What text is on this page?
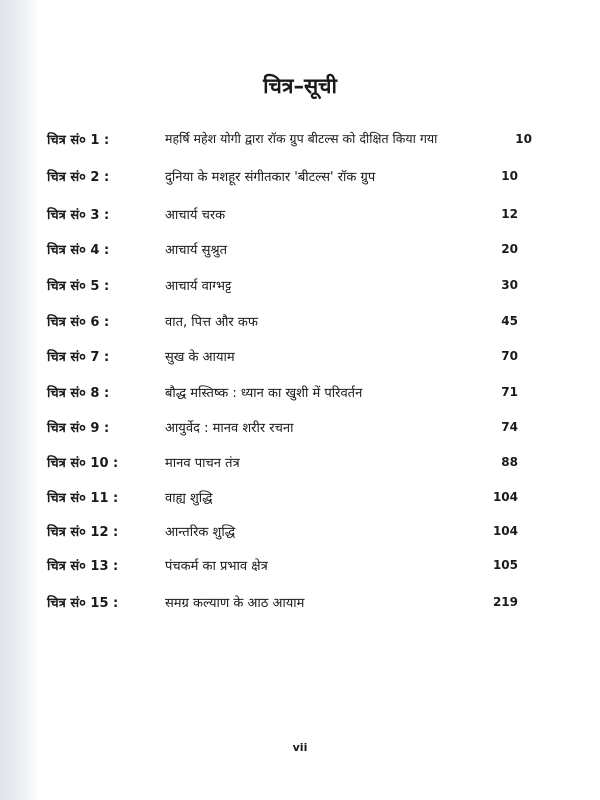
चित्र–सूची
चित्र सं० 1 :	महर्षि महेश योगी द्वारा रॉक ग्रुप बीटल्स को दीक्षित किया गया	10
चित्र सं० 2 :	दुनिया के मशहूर संगीतकार 'बीटल्स' रॉक ग्रुप	10
चित्र सं० 3 :	आचार्य चरक	12
चित्र सं० 4 :	आचार्य सुश्रुत	20
चित्र सं० 5 :	आचार्य वाग्भट्ट	30
चित्र सं० 6 :	वात, पित्त और कफ	45
चित्र सं० 7 :	सुख के आयाम	70
चित्र सं० 8 :	बौद्ध मस्तिष्क : ध्यान का खुशी में परिवर्तन	71
चित्र सं० 9 :	आयुर्वेद : मानव शरीर रचना	74
चित्र सं० 10 :	मानव पाचन तंत्र	88
चित्र सं० 11 :	वाह्य शुद्धि	104
चित्र सं० 12 :	आन्तरिक शुद्धि	104
चित्र सं० 13 :	पंचकर्म का प्रभाव क्षेत्र	105
चित्र सं० 15 :	समग्र कल्याण के आठ आयाम	219
vii
